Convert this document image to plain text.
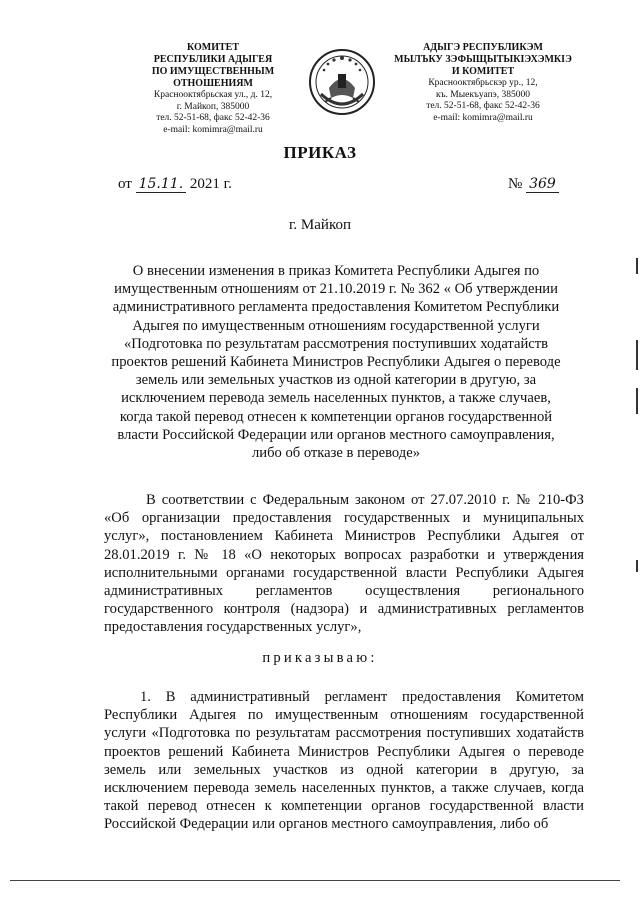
КОМИТЕТ
РЕСПУБЛИКИ АДЫГЕЯ
ПО ИМУЩЕСТВЕННЫМ ОТНОШЕНИЯМ
Краснооктябрьская ул., д. 12,
г. Майкоп, 385000
тел. 52-51-68, факс 52-42-36
e-mail: komimra@mail.ru
АДЫГЭ РЕСПУБЛИКЭМ
МЫЛЪКУ ЗЭФЫЩЫТЫКIЭХЭМКIЭ
И КОМИТЕТ
Краснооктябрьскэр ур., 12,
къ. Мыекъуапэ, 385000
тел. 52-51-68, факс 52-42-36
e-mail: komimra@mail.ru
ПРИКАЗ
от 15.11. 2021 г.	№ 369
г. Майкоп
О внесении изменения в приказ Комитета Республики Адыгея по имущественным отношениям от 21.10.2019 г. № 362 « Об утверждении административного регламента предоставления Комитетом Республики Адыгея по имущественным отношениям государственной услуги «Подготовка по результатам рассмотрения поступивших ходатайств проектов решений Кабинета Министров Республики Адыгея о переводе земель или земельных участков из одной категории в другую, за исключением перевода земель населенных пунктов, а также случаев, когда такой перевод отнесен к компетенции органов государственной власти Российской Федерации или органов местного самоуправления, либо об отказе в переводе»
В соответствии с Федеральным законом от 27.07.2010 г. № 210-ФЗ «Об организации предоставления государственных и муниципальных услуг», постановлением Кабинета Министров Республики Адыгея от 28.01.2019 г. № 18 «О некоторых вопросах разработки и утверждения исполнительными органами государственной власти Республики Адыгея административных регламентов осуществления регионального государственного контроля (надзора) и административных регламентов предоставления государственных услуг»,
приказываю:
1. В административный регламент предоставления Комитетом Республики Адыгея по имущественным отношениям государственной услуги «Подготовка по результатам рассмотрения поступивших ходатайств проектов решений Кабинета Министров Республики Адыгея о переводе земель или земельных участков из одной категории в другую, за исключением перевода земель населенных пунктов, а также случаев, когда такой перевод отнесен к компетенции органов государственной власти Российской Федерации или органов местного самоуправления, либо об
